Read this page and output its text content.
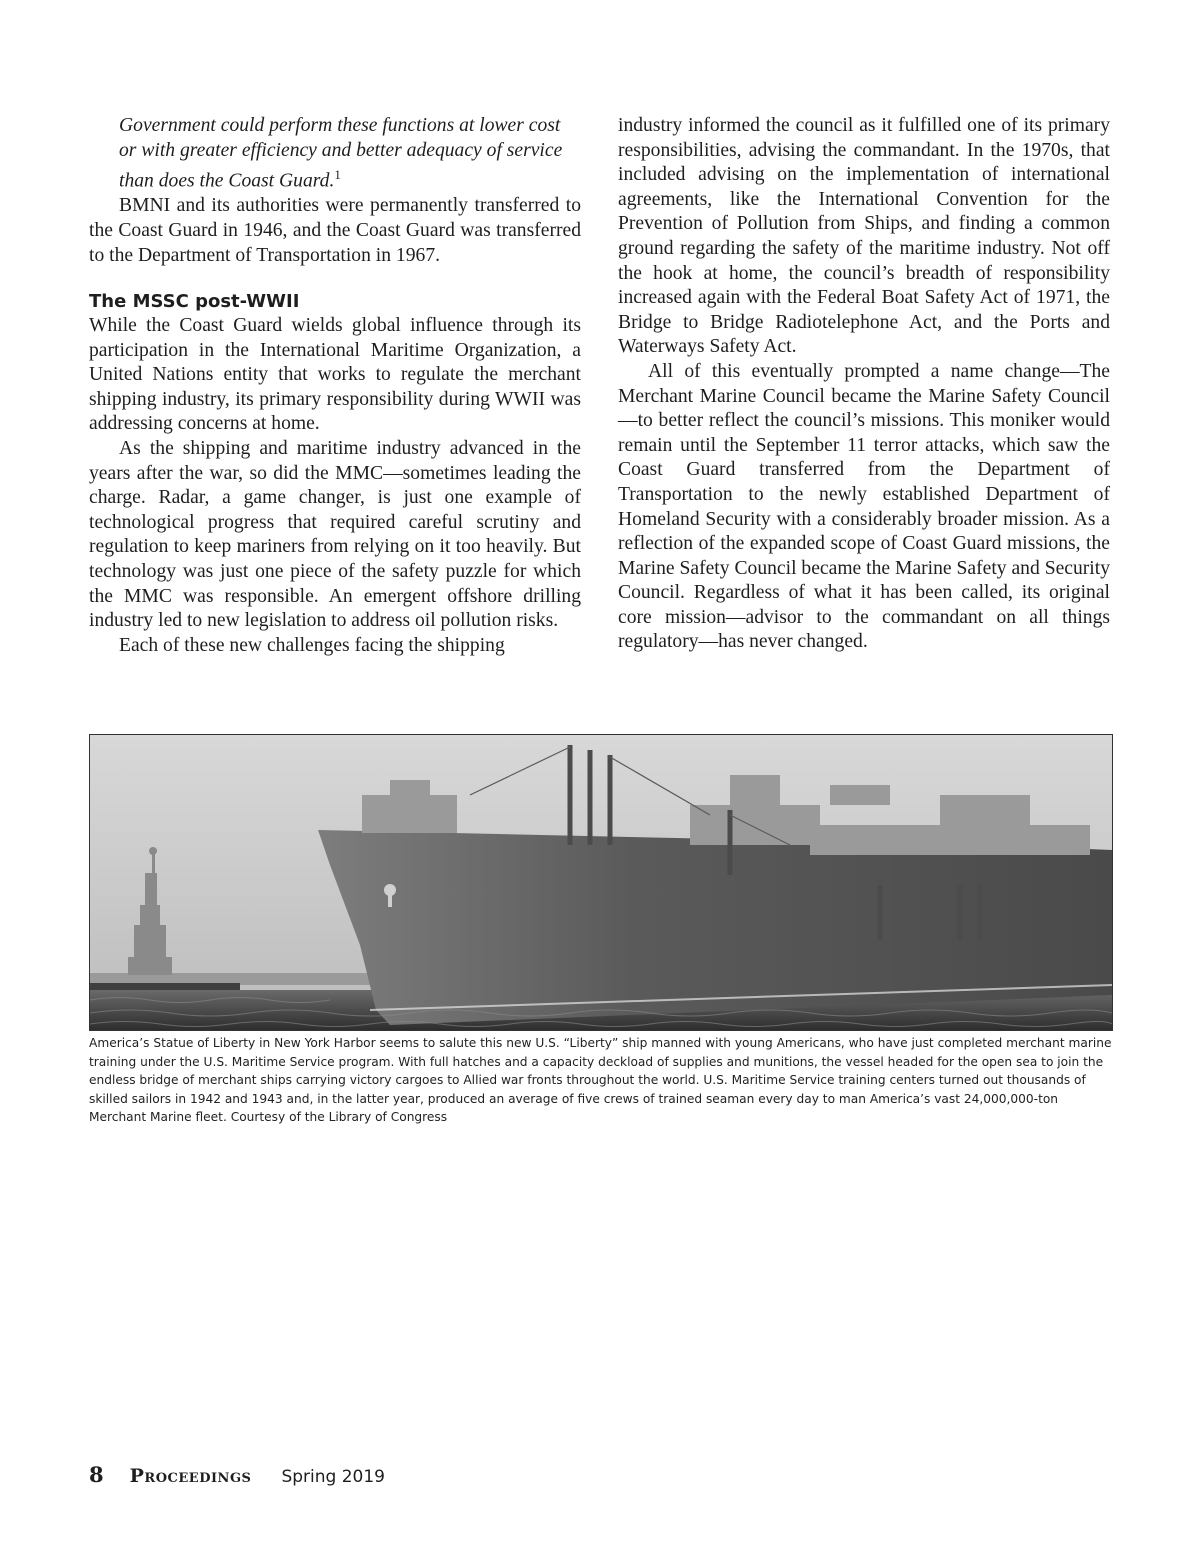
Government could perform these functions at lower cost or with greater efficiency and better adequacy of service than does the Coast Guard.$^1$

BMNI and its authorities were permanently transferred to the Coast Guard in 1946, and the Coast Guard was transferred to the Department of Transportation in 1967.

The MSSC post-WWII

While the Coast Guard wields global influence through its participation in the International Maritime Organization, a United Nations entity that works to regulate the merchant shipping industry, its primary responsibility during WWII was addressing concerns at home.

As the shipping and maritime industry advanced in the years after the war, so did the MMC—sometimes leading the charge. Radar, a game changer, is just one example of technological progress that required careful scrutiny and regulation to keep mariners from relying on it too heavily. But technology was just one piece of the safety puzzle for which the MMC was responsible. An emergent offshore drilling industry led to new legislation to address oil pollution risks.

Each of these new challenges facing the shipping

industry informed the council as it fulfilled one of its primary responsibilities, advising the commandant. In the 1970s, that included advising on the implementation of international agreements, like the International Convention for the Prevention of Pollution from Ships, and finding a common ground regarding the safety of the maritime industry. Not off the hook at home, the council’s breadth of responsibility increased again with the Federal Boat Safety Act of 1971, the Bridge to Bridge Radiotelephone Act, and the Ports and Waterways Safety Act.

All of this eventually prompted a name change—The Merchant Marine Council became the Marine Safety Council—to better reflect the council’s missions. This moniker would remain until the September 11 terror attacks, which saw the Coast Guard transferred from the Department of Transportation to the newly established Department of Homeland Security with a considerably broader mission. As a reflection of the expanded scope of Coast Guard missions, the Marine Safety Council became the Marine Safety and Security Council. Regardless of what it has been called, its original core mission—advisor to the commandant on all things regulatory—has never changed.

America’s Statue of Liberty in New York Harbor seems to salute this new U.S. “Liberty” ship manned with young Americans, who have just completed merchant marine training under the U.S. Maritime Service program. With full hatches and a capacity deckload of supplies and munitions, the vessel headed for the open sea to join the endless bridge of merchant ships carrying victory cargoes to Allied war fronts throughout the world. U.S. Maritime Service training centers turned out thousands of skilled sailors in 1942 and 1943 and, in the latter year, produced an average of five crews of trained seaman every day to man America’s vast 24,000,000-ton Merchant Marine fleet. Courtesy of the Library of Congress
8 Proceedings Spring 2019
